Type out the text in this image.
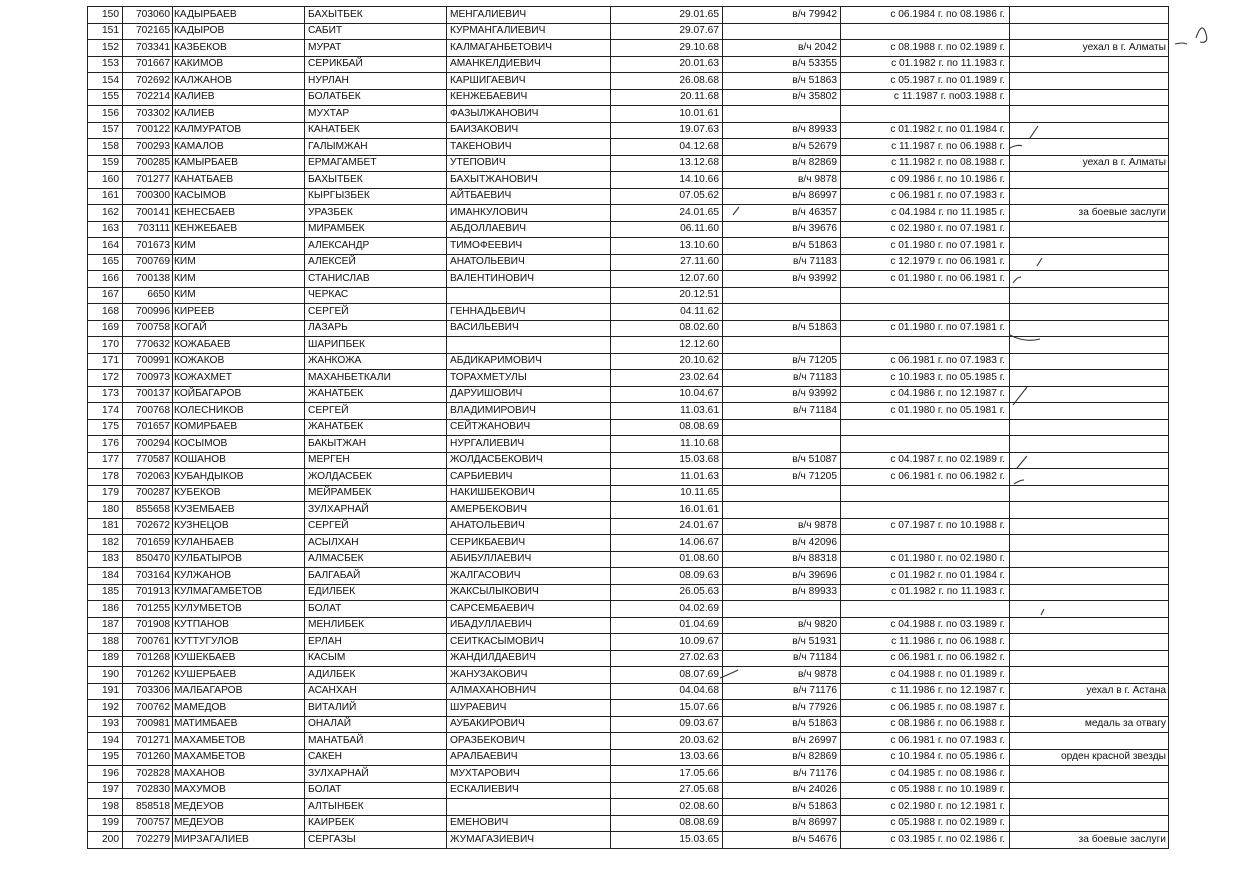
150	703060	КАДЫРБАЕВ	БАХЫТБЕК	МЕНГАЛИЕВИЧ	29.01.65	в/ч 79942	с 06.1984 г. по 08.1986 г.	
151	702165	КАДЫРОВ	САБИТ	КУРМАНГАЛИЕВИЧ	29.07.67			
152	703341	КАЗБЕКОВ	МУРАТ	КАЛМАГАНБЕТОВИЧ	29.10.68	в/ч 2042	с 08.1988 г. по 02.1989 г.	уехал в г. Алматы
153	701667	КАКИМОВ	СЕРИКБАЙ	АМАНКЕЛДИЕВИЧ	20.01.63	в/ч 53355	с 01.1982 г. по 11.1983 г.	
154	702692	КАЛЖАНОВ	НУРЛАН	КАРШИГАЕВИЧ	26.08.68	в/ч 51863	с 05.1987 г. по 01.1989 г.	
155	702214	КАЛИЕВ	БОЛАТБЕК	КЕНЖЕБАЕВИЧ	20.11.68	в/ч 35802	с 11.1987 г. по03.1988 г.	
156	703302	КАЛИЕВ	МУХТАР	ФАЗЫЛЖАНОВИЧ	10.01.61			
157	700122	КАЛМУРАТОВ	КАНАТБЕК	БАИЗАКОВИЧ	19.07.63	в/ч 89933	с 01.1982 г. по 01.1984 г.	
158	700293	КАМАЛОВ	ГАЛЫМЖАН	ТАКЕНОВИЧ	04.12.68	в/ч 52679	с 11.1987 г. по 06.1988 г.	
159	700285	КАМЫРБАЕВ	ЕРМАГАМБЕТ	УТЕПОВИЧ	13.12.68	в/ч 82869	с 11.1982 г. по 08.1988 г.	уехал в г. Алматы
160	701277	КАНАТБАЕВ	БАХЫТБЕК	БАХЫТЖАНОВИЧ	14.10.66	в/ч 9878	с 09.1986 г. по 10.1986 г.	
161	700300	КАСЫМОВ	КЫРГЫЗБЕК	АЙТБАЕВИЧ	07.05.62	в/ч 86997	с 06.1981 г. по 07.1983 г.	
162	700141	КЕНЕСБАЕВ	УРАЗБЕК	ИМАНКУЛОВИЧ	24.01.65	в/ч 46357	с 04.1984 г. по 11.1985 г.	за боевые заслуги
163	703111	КЕНЖЕБАЕВ	МИРАМБЕК	АБДОЛЛАЕВИЧ	06.11.60	в/ч 39676	с 02.1980 г. по 07.1981 г.	
164	701673	КИМ	АЛЕКСАНДР	ТИМОФЕЕВИЧ	13.10.60	в/ч 51863	с 01.1980 г. по 07.1981 г.	
165	700769	КИМ	АЛЕКСЕЙ	АНАТОЛЬЕВИЧ	27.11.60	в/ч 71183	с 12.1979 г. по 06.1981 г.	
166	700138	КИМ	СТАНИСЛАВ	ВАЛЕНТИНОВИЧ	12.07.60	в/ч 93992	с 01.1980 г. по 06.1981 г.	
167	6650	КИМ	ЧЕРКАС		20.12.51			
168	700996	КИРЕЕВ	СЕРГЕЙ	ГЕННАДЬЕВИЧ	04.11.62			
169	700758	КОГАЙ	ЛАЗАРЬ	ВАСИЛЬЕВИЧ	08.02.60	в/ч 51863	с 01.1980 г. по 07.1981 г.	
170	770632	КОЖАБАЕВ	ШАРИПБЕК		12.12.60			
171	700991	КОЖАКОВ	ЖАНКОЖА	АБДИКАРИМОВИЧ	20.10.62	в/ч 71205	с 06.1981 г. по 07.1983 г.	
172	700973	КОЖАХМЕТ	МАХАНБЕТКАЛИ	ТОРАХМЕТУЛЫ	23.02.64	в/ч 71183	с 10.1983 г. по 05.1985 г.	
173	700137	КОЙБАГАРОВ	ЖАНАТБЕК	ДАРУИШОВИЧ	10.04.67	в/ч 93992	с 04.1986 г. по 12.1987 г.	
174	700768	КОЛЕСНИКОВ	СЕРГЕЙ	ВЛАДИМИРОВИЧ	11.03.61	в/ч 71184	с 01.1980 г. по 05.1981 г.	
175	701657	КОМИРБАЕВ	ЖАНАТБЕК	СЕЙТЖАНОВИЧ	08.08.69			
176	700294	КОСЫМОВ	БАКЫТЖАН	НУРГАЛИЕВИЧ	11.10.68			
177	770587	КОШАНОВ	МЕРГЕН	ЖОЛДАСБЕКОВИЧ	15.03.68	в/ч 51087	с 04.1987 г. по 02.1989 г.	
178	702063	КУБАНДЫКОВ	ЖОЛДАСБЕК	САРБИЕВИЧ	11.01.63	в/ч 71205	с 06.1981 г. по 06.1982 г.	
179	700287	КУБЕКОВ	МЕЙРАМБЕК	НАКИШБЕКОВИЧ	10.11.65			
180	855658	КУЗЕМБАЕВ	ЗУЛХАРНАЙ	АМЕРБЕКОВИЧ	16.01.61			
181	702672	КУЗНЕЦОВ	СЕРГЕЙ	АНАТОЛЬЕВИЧ	24.01.67	в/ч 9878	с 07.1987 г. по 10.1988 г.	
182	701659	КУЛАНБАЕВ	АСЫЛХАН	СЕРИКБАЕВИЧ	14.06.67	в/ч 42096		
183	850470	КУЛБАТЫРОВ	АЛМАСБЕК	АБИБУЛЛАЕВИЧ	01.08.60	в/ч 88318	с 01.1980 г. по 02.1980 г.	
184	703164	КУЛЖАНОВ	БАЛГАБАЙ	ЖАЛГАСОВИЧ	08.09.63	в/ч 39696	с 01.1982 г. по 01.1984 г.	
185	701913	КУЛМАГАМБЕТОВ	ЕДИЛБЕК	ЖАКСЫЛЫКОВИЧ	26.05.63	в/ч 89933	с 01.1982 г. по 11.1983 г.	
186	701255	КУЛУМБЕТОВ	БОЛАТ	САРСЕМБАЕВИЧ	04.02.69			
187	701908	КУТПАНОВ	МЕНЛИБЕК	ИБАДУЛЛАЕВИЧ	01.04.69	в/ч 9820	с 04.1988 г. по 03.1989 г.	
188	700761	КУТТУГУЛОВ	ЕРЛАН	СЕИТКАСЫМОВИЧ	10.09.67	в/ч 51931	с 11.1986 г. по 06.1988 г.	
189	701268	КУШЕКБАЕВ	КАСЫМ	ЖАНДИЛДАЕВИЧ	27.02.63	в/ч 71184	с 06.1981 г. по 06.1982 г.	
190	701262	КУШЕРБАЕВ	АДИЛБЕК	ЖАНУЗАКОВИЧ	08.07.69	в/ч 9878	с 04.1988 г. по 01.1989 г.	
191	703306	МАЛБАГАРОВ	АСАНХАН	АЛМАХАНОВНИЧ	04.04.68	в/ч 71176	с 11.1986 г. по 12.1987 г.	уехал в г. Астана
192	700762	МАМЕДОВ	ВИТАЛИЙ	ШУРАЕВИЧ	15.07.66	в/ч 77926	с 06.1985 г. по 08.1987 г.	
193	700981	МАТИМБАЕВ	ОНАЛАЙ	АУБАКИРОВИЧ	09.03.67	в/ч 51863	с 08.1986 г. по 06.1988 г.	медаль за отвагу
194	701271	МАХАМБЕТОВ	МАНАТБАЙ	ОРАЗБЕКОВИЧ	20.03.62	в/ч 26997	с 06.1981 г. по 07.1983 г.	
195	701260	МАХАМБЕТОВ	САКЕН	АРАЛБАЕВИЧ	13.03.66	в/ч 82869	с 10.1984 г. по 05.1986 г.	орден красной звезды
196	702828	МАХАНОВ	ЗУЛХАРНАЙ	МУХТАРОВИЧ	17.05.66	в/ч 71176	с 04.1985 г. по 08.1986 г.	
197	702830	МАХУМОВ	БОЛАТ	ЕСКАЛИЕВИЧ	27.05.68	в/ч 24026	с 05.1988 г. по 10.1989 г.	
198	858518	МЕДЕУОВ	АЛТЫНБЕК		02.08.60	в/ч 51863	с 02.1980 г. по 12.1981 г.	
199	700757	МЕДЕУОВ	КАИРБЕК	ЕМЕНОВИЧ	08.08.69	в/ч 86997	с 05.1988 г. по 02.1989 г.	
200	702279	МИРЗАГАЛИЕВ	СЕРГАЗЫ	ЖУМАГАЗИЕВИЧ	15.03.65	в/ч 54676	с 03.1985 г. по 02.1986 г.	за боевые заслуги
